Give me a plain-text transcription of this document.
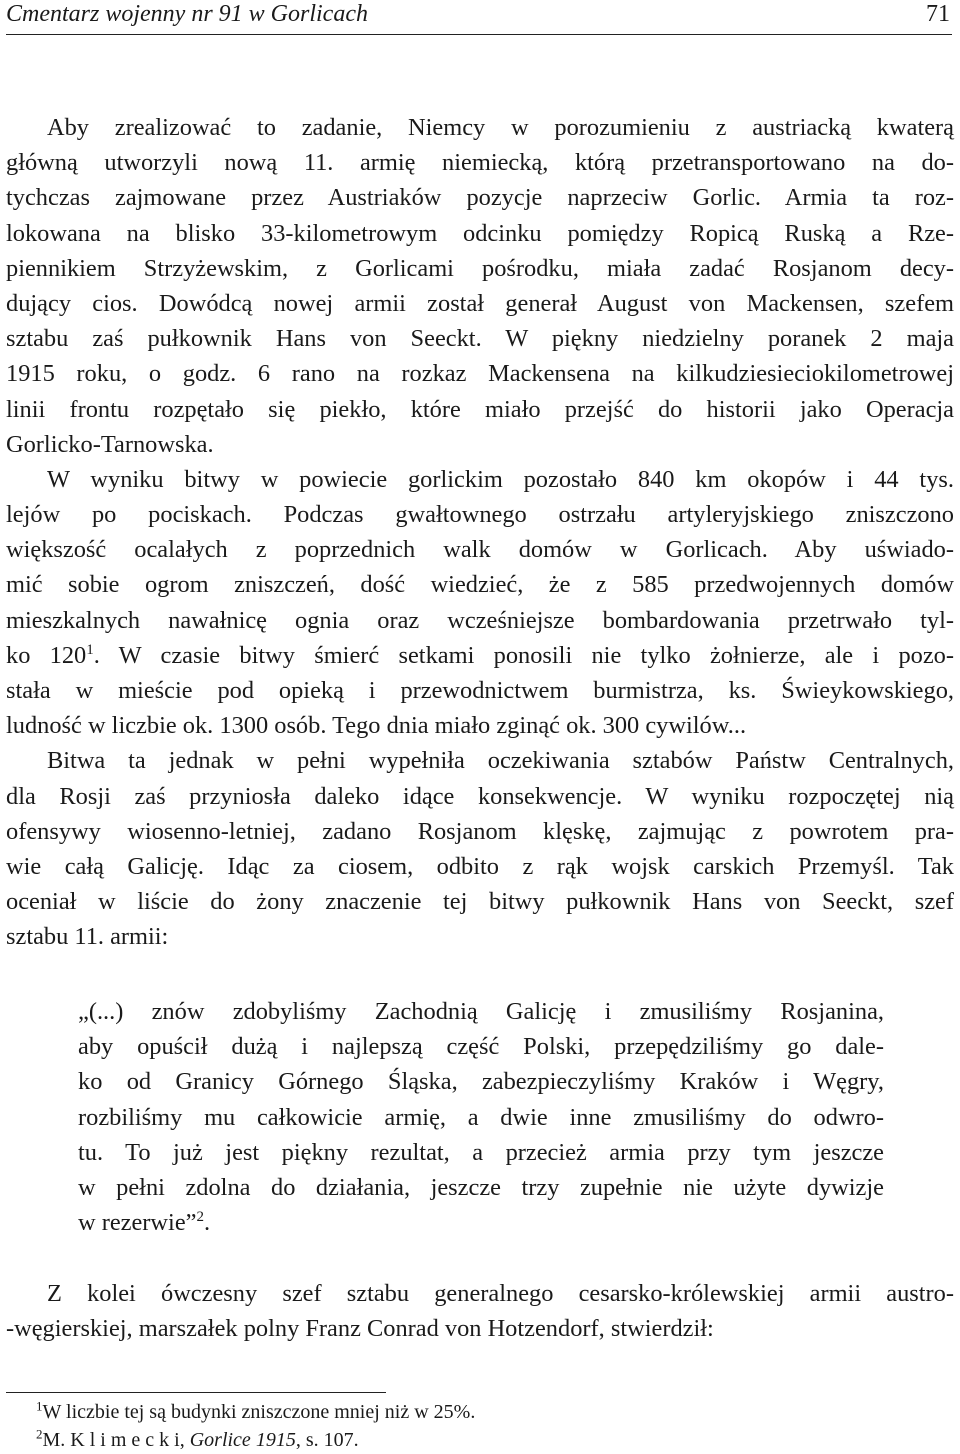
Cmentarz wojenny nr 91 w Gorlicach	71
Aby zrealizować to zadanie, Niemcy w porozumieniu z austriacką kwaterą
główną utworzyli nową 11. armię niemiecką, którą przetransportowano na do-
tychczas zajmowane przez Austriaków pozycje naprzeciw Gorlic. Armia ta roz-
lokowana na blisko 33-kilometrowym odcinku pomiędzy Ropicą Ruską a Rze-
piennikiem Strzyżewskim, z Gorlicami pośrodku, miała zadać Rosjanom decy-
dujący cios. Dowódcą nowej armii został generał August von Mackensen, szefem
sztabu zaś pułkownik Hans von Seeckt. W piękny niedzielny poranek 2 maja
1915 roku, o godz. 6 rano na rozkaz Mackensena na kilkudziesieciokilometrowej
linii frontu rozpętało się piekło, które miało przejść do historii jako Operacja
Gorlicko-Tarnowska.
W wyniku bitwy w powiecie gorlickim pozostało 840 km okopów i 44 tys.
lejów po pociskach. Podczas gwałtownego ostrzału artyleryjskiego zniszczono
większość ocalałych z poprzednich walk domów w Gorlicach. Aby uświado-
mić sobie ogrom zniszczeń, dość wiedzieć, że z 585 przedwojennych domów
mieszkalnych nawałnicę ognia oraz wcześniejsze bombardowania przetrwało tyl-
ko $120^1$. W czasie bitwy śmierć setkami ponosili nie tylko żołnierze, ale i pozo-
stała w mieście pod opieką i przewodnictwem burmistrza, ks. Świeykowskiego,
ludność w liczbie ok. 1300 osób. Tego dnia miało zginąć ok. 300 cywilów...
Bitwa ta jednak w pełni wypełniła oczekiwania sztabów Państw Centralnych,
dla Rosji zaś przyniosła daleko idące konsekwencje. W wyniku rozpoczętej nią
ofensywy wiosenno-letniej, zadano Rosjanom klęskę, zajmując z powrotem pra-
wie całą Galicję. Idąc za ciosem, odbito z rąk wojsk carskich Przemyśl. Tak
oceniał w liście do żony znaczenie tej bitwy pułkownik Hans von Seeckt, szef
sztabu 11. armii:
„(...) znów zdobyliśmy Zachodnią Galicję i zmusiliśmy Rosjanina,
aby opuścił dużą i najlepszą część Polski, przepędziliśmy go dale-
ko od Granicy Górnego Śląska, zabezpieczyliśmy Kraków i Węgry,
rozbiliśmy mu całkowicie armię, a dwie inne zmusiliśmy do odwro-
tu. To już jest piękny rezultat, a przecież armia przy tym jeszcze
w pełni zdolna do działania, jeszcze trzy zupełnie nie użyte dywizje
w rezerwie”$^2$.
Z kolei ówczesny szef sztabu generalnego cesarsko-królewskiej armii austro-
-węgierskiej, marszałek polny Franz Conrad von Hotzendorf, stwierdził:
$^1$W liczbie tej są budynki zniszczone mniej niż w 25%.
$^2$M. K l i m e c k i, Gorlice 1915, s. 107.
